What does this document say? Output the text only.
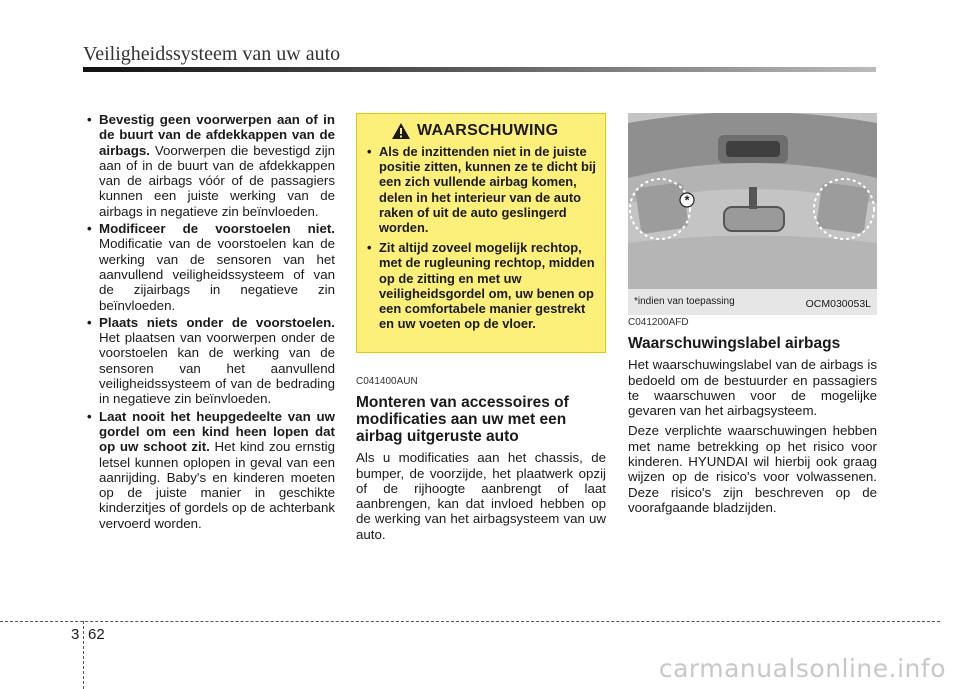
Veiligheidssysteem van uw auto
• Bevestig geen voorwerpen aan of in de buurt van de afdekkappen van de airbags. Voorwerpen die bevestigd zijn aan of in de buurt van de afdekkappen van de airbags vóór of de passagiers kunnen een juiste werking van de airbags in negatieve zin beïnvloeden.
• Modificeer de voorstoelen niet. Modificatie van de voorstoelen kan de werking van de sensoren van het aanvullend veiligheidssysteem of van de zijairbags in negatieve zin beïnvloeden.
• Plaats niets onder de voorstoelen. Het plaatsen van voorwerpen onder de voorstoelen kan de werking van de sensoren van het aanvullend veiligheidssysteem of van de bedrading in negatieve zin beïnvloeden.
• Laat nooit het heupgedeelte van uw gordel om een kind heen lopen dat op uw schoot zit. Het kind zou ernstig letsel kunnen oplopen in geval van een aanrijding. Baby's en kinderen moeten op de juiste manier in geschikte kinderzitjes of gordels op de achterbank vervoerd worden.
WAARSCHUWING
• Als de inzittenden niet in de juiste positie zitten, kunnen ze te dicht bij een zich vullende airbag komen, delen in het interieur van de auto raken of uit de auto geslingerd worden.
• Zit altijd zoveel mogelijk rechtop, met de rugleuning rechtop, midden op de zitting en met uw veiligheidsgordel om, uw benen op een comfortabele manier gestrekt en uw voeten op de vloer.
C041400AUN
Monteren van accessoires of modificaties aan uw met een airbag uitgeruste auto

Als u modificaties aan het chassis, de bumper, de voorzijde, het plaatwerk opzij of de rijhoogte aanbrengt of laat aanbrengen, kan dat invloed hebben op de werking van het airbagsysteem van uw auto.

*
*indien van toepassing	OCM030053L
C041200AFD
Waarschuwingslabel airbags

Het waarschuwingslabel van de airbags is bedoeld om de bestuurder en passagiers te waarschuwen voor de mogelijke gevaren van het airbagsysteem.

Deze verplichte waarschuwingen hebben met name betrekking op het risico voor kinderen. HYUNDAI wil hierbij ook graag wijzen op de risico's voor volwassenen. Deze risico's zijn beschreven op de voorafgaande bladzijden.

3 62
carmanualsonline.info
